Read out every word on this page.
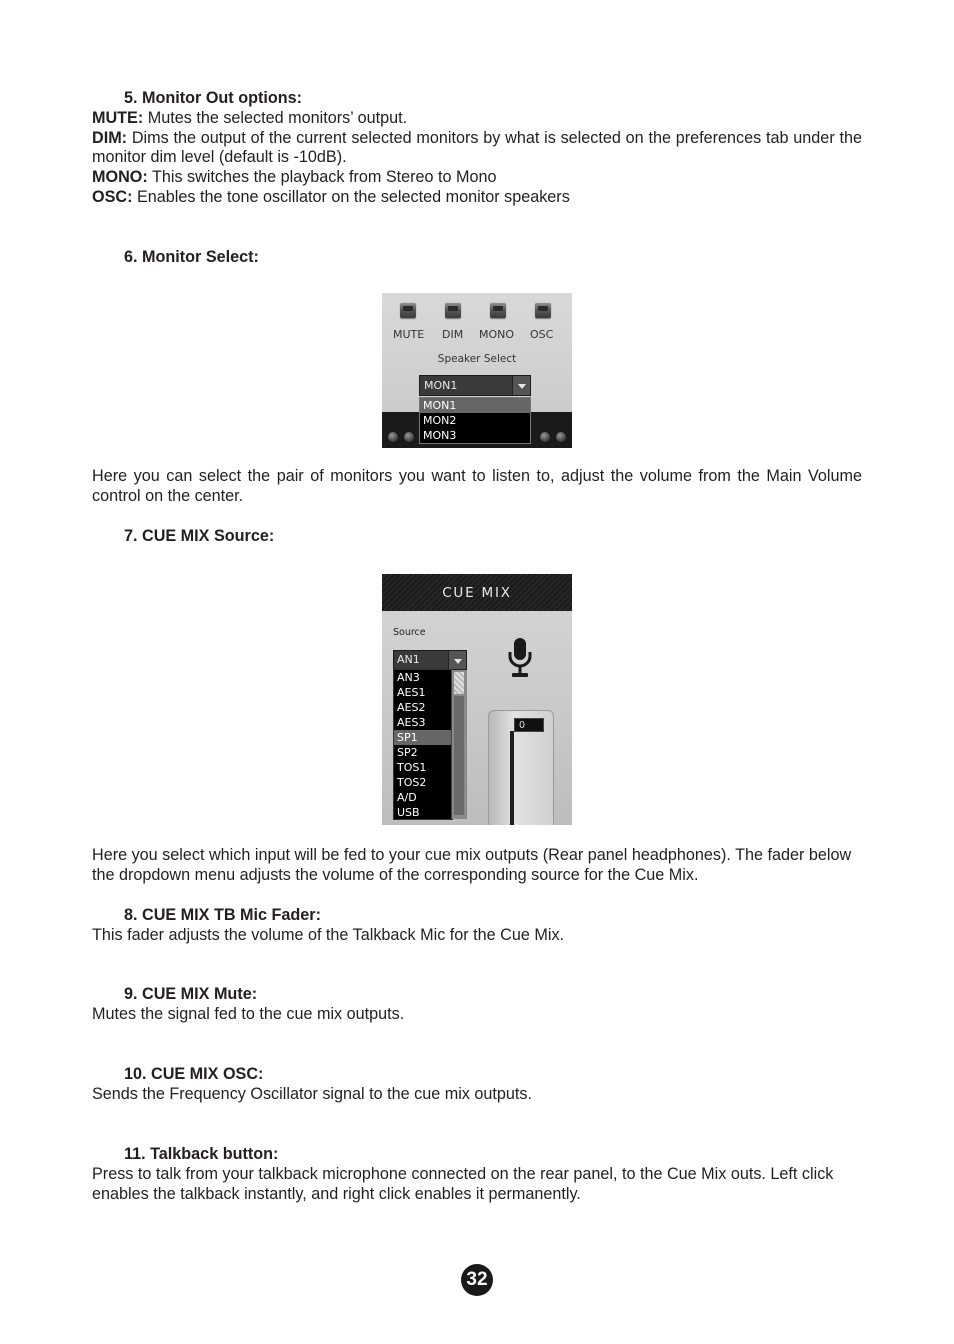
5. Monitor Out options:

MUTE: Mutes the selected monitors’ output.

DIM: Dims the output of the current selected monitors by what is selected on the preferences tab under the monitor dim level (default is -10dB).

MONO: This switches the playback from Stereo to Mono

OSC: Enables the tone oscillator on the selected monitor speakers

6. Monitor Select:

MUTE DIM MONO OSC
Speaker Select
MON1
MON1
MON2
MON3

Here you can select the pair of monitors you want to listen to, adjust the volume from the Main Volume control on the center.

7. CUE MIX Source:

CUE MIX
Source
0
AN1
AN3
AES1
AES2
AES3
SP1
SP2
TOS1
TOS2
A/D
USB

Here you select which input will be fed to your cue mix outputs (Rear panel headphones). The fader below the dropdown menu adjusts the volume of the corresponding source for the Cue Mix.

8. CUE MIX TB Mic Fader:

This fader adjusts the volume of the Talkback Mic for the Cue Mix.

9. CUE MIX Mute:

Mutes the signal fed to the cue mix outputs.

10. CUE MIX OSC:

Sends the Frequency Oscillator signal to the cue mix outputs.

11. Talkback button:

Press to talk from your talkback microphone connected on the rear panel, to the Cue Mix outs. Left click enables the talkback instantly, and right click enables it permanently.

32
